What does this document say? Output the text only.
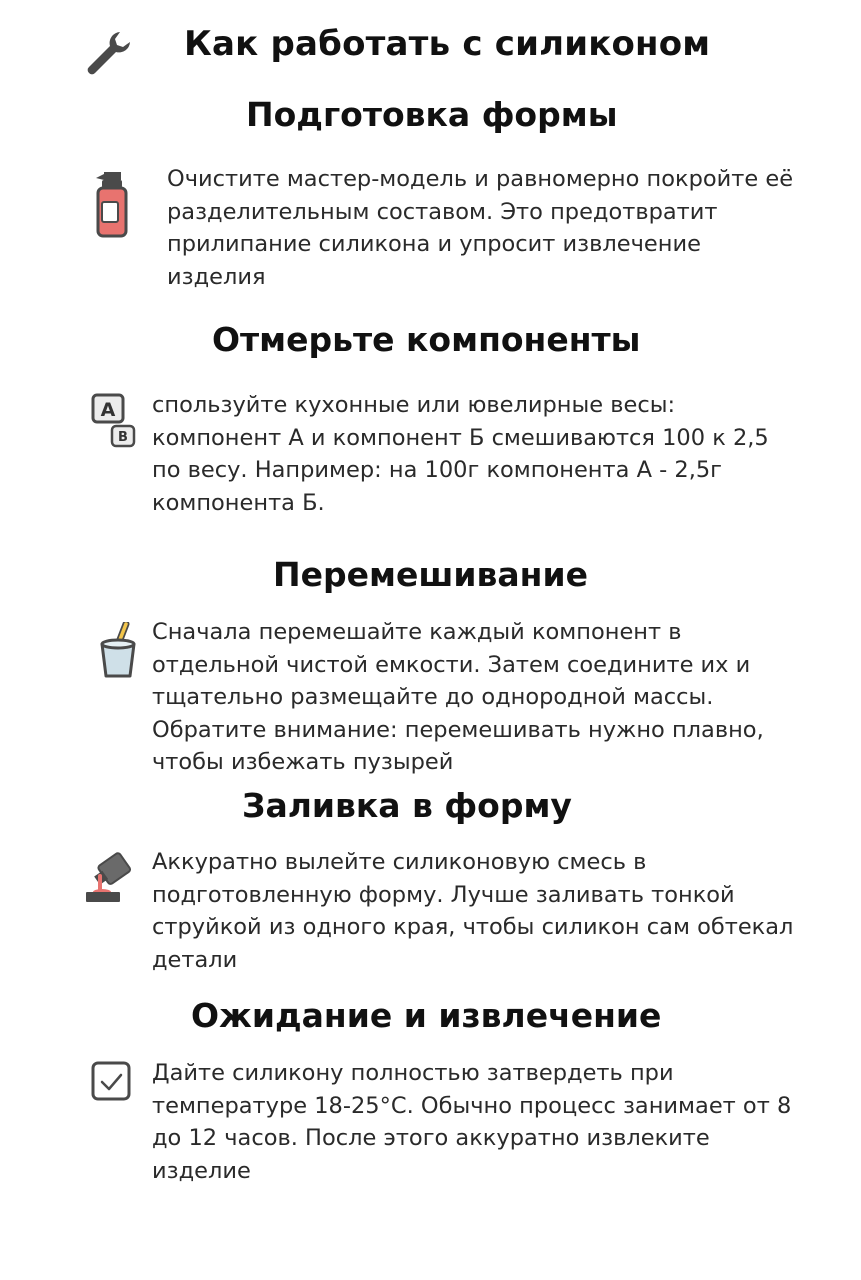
Как работать с силиконом
Подготовка формы
Очистите мастер-модель и равномерно покройте её
разделительным составом. Это предотвратит
прилипание силикона и упросит извлечение
изделия
Отмерьте компоненты
A
B
спользуйте кухонные или ювелирные весы:
компонент А и компонент Б смешиваются 100 к 2,5
по весу. Например: на 100г компонента А - 2,5г
компонента Б.
Перемешивание
Сначала перемешайте каждый компонент в
отдельной чистой емкости. Затем соедините их и
тщательно размещайте до однородной массы.
Обратите внимание: перемешивать нужно плавно,
чтобы избежать пузырей
Заливка в форму
Аккуратно вылейте силиконовую смесь в
подготовленную форму. Лучше заливать тонкой
струйкой из одного края, чтобы силикон сам обтекал
детали
Ожидание и извлечение
Дайте силикону полностью затвердеть при
температуре 18-25°С. Обычно процесс занимает от 8
до 12 часов. После этого аккуратно извлеките
изделие
